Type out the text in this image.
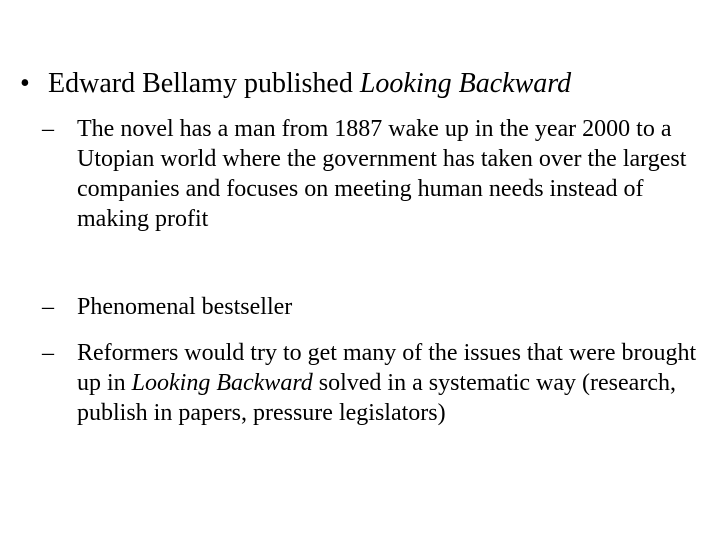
• Edward Bellamy published Looking Backward
– The novel has a man from 1887 wake up in the year 2000 to a Utopian world where the government has taken over the largest companies and focuses on meeting human needs instead of making profit
– Phenomenal bestseller
– Reformers would try to get many of the issues that were brought up in Looking Backward solved in a systematic way (research, publish in papers, pressure legislators)
